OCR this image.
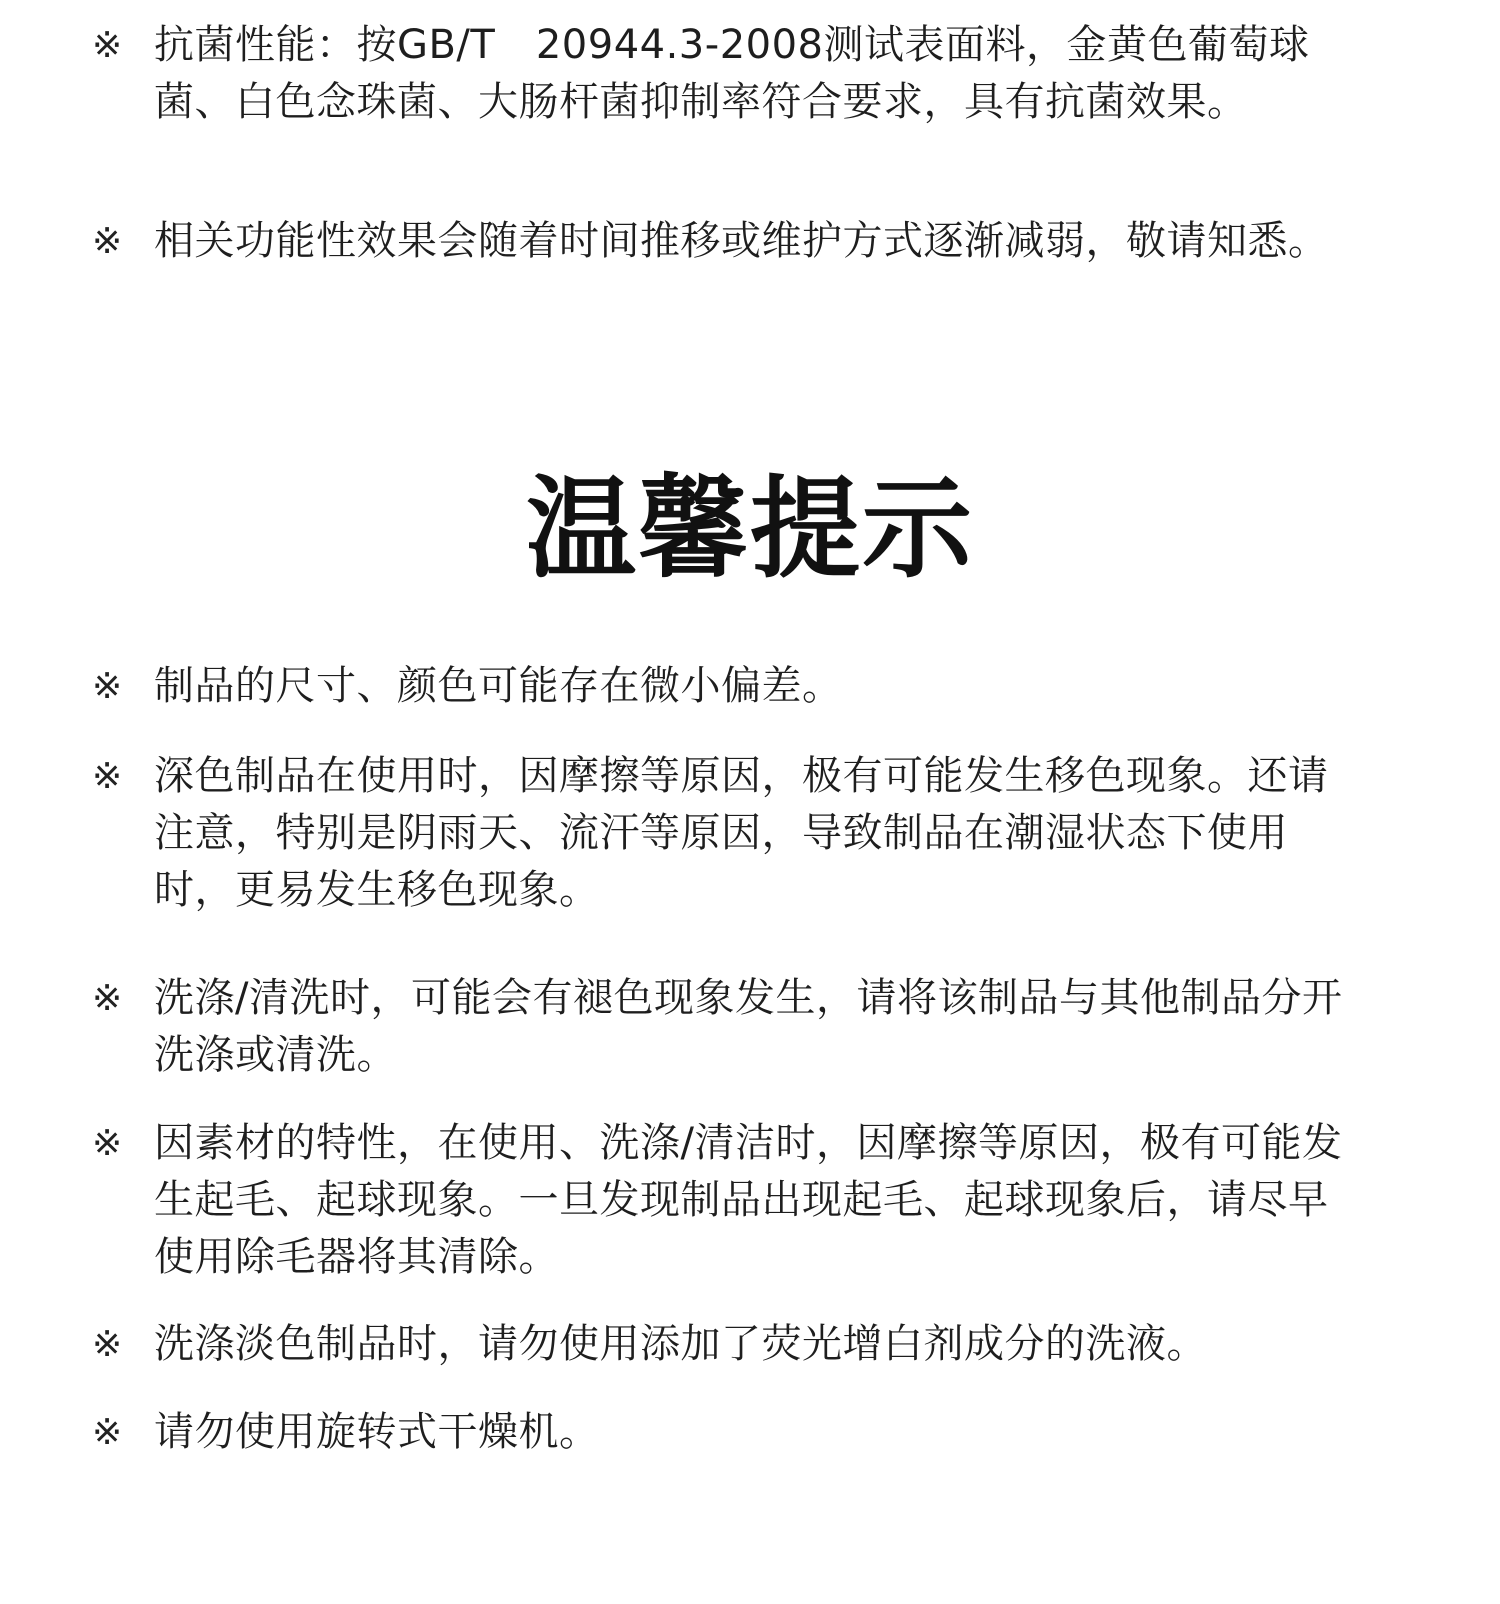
※ 抗菌性能：按GB/T　20944.3-2008测试表面料，金黄色葡萄球菌、白色念珠菌、大肠杆菌抑制率符合要求，具有抗菌效果。
※ 相关功能性效果会随着时间推移或维护方式逐渐减弱，敬请知悉。
温馨提示
※ 制品的尺寸、颜色可能存在微小偏差。
※ 深色制品在使用时，因摩擦等原因，极有可能发生移色现象。还请注意，特别是阴雨天、流汗等原因，导致制品在潮湿状态下使用时，更易发生移色现象。
※ 洗涤/清洗时，可能会有褪色现象发生，请将该制品与其他制品分开洗涤或清洗。
※ 因素材的特性，在使用、洗涤/清洁时，因摩擦等原因，极有可能发生起毛、起球现象。一旦发现制品出现起毛、起球现象后，请尽早使用除毛器将其清除。
※ 洗涤淡色制品时，请勿使用添加了荧光增白剂成分的洗液。
※ 请勿使用旋转式干燥机。
